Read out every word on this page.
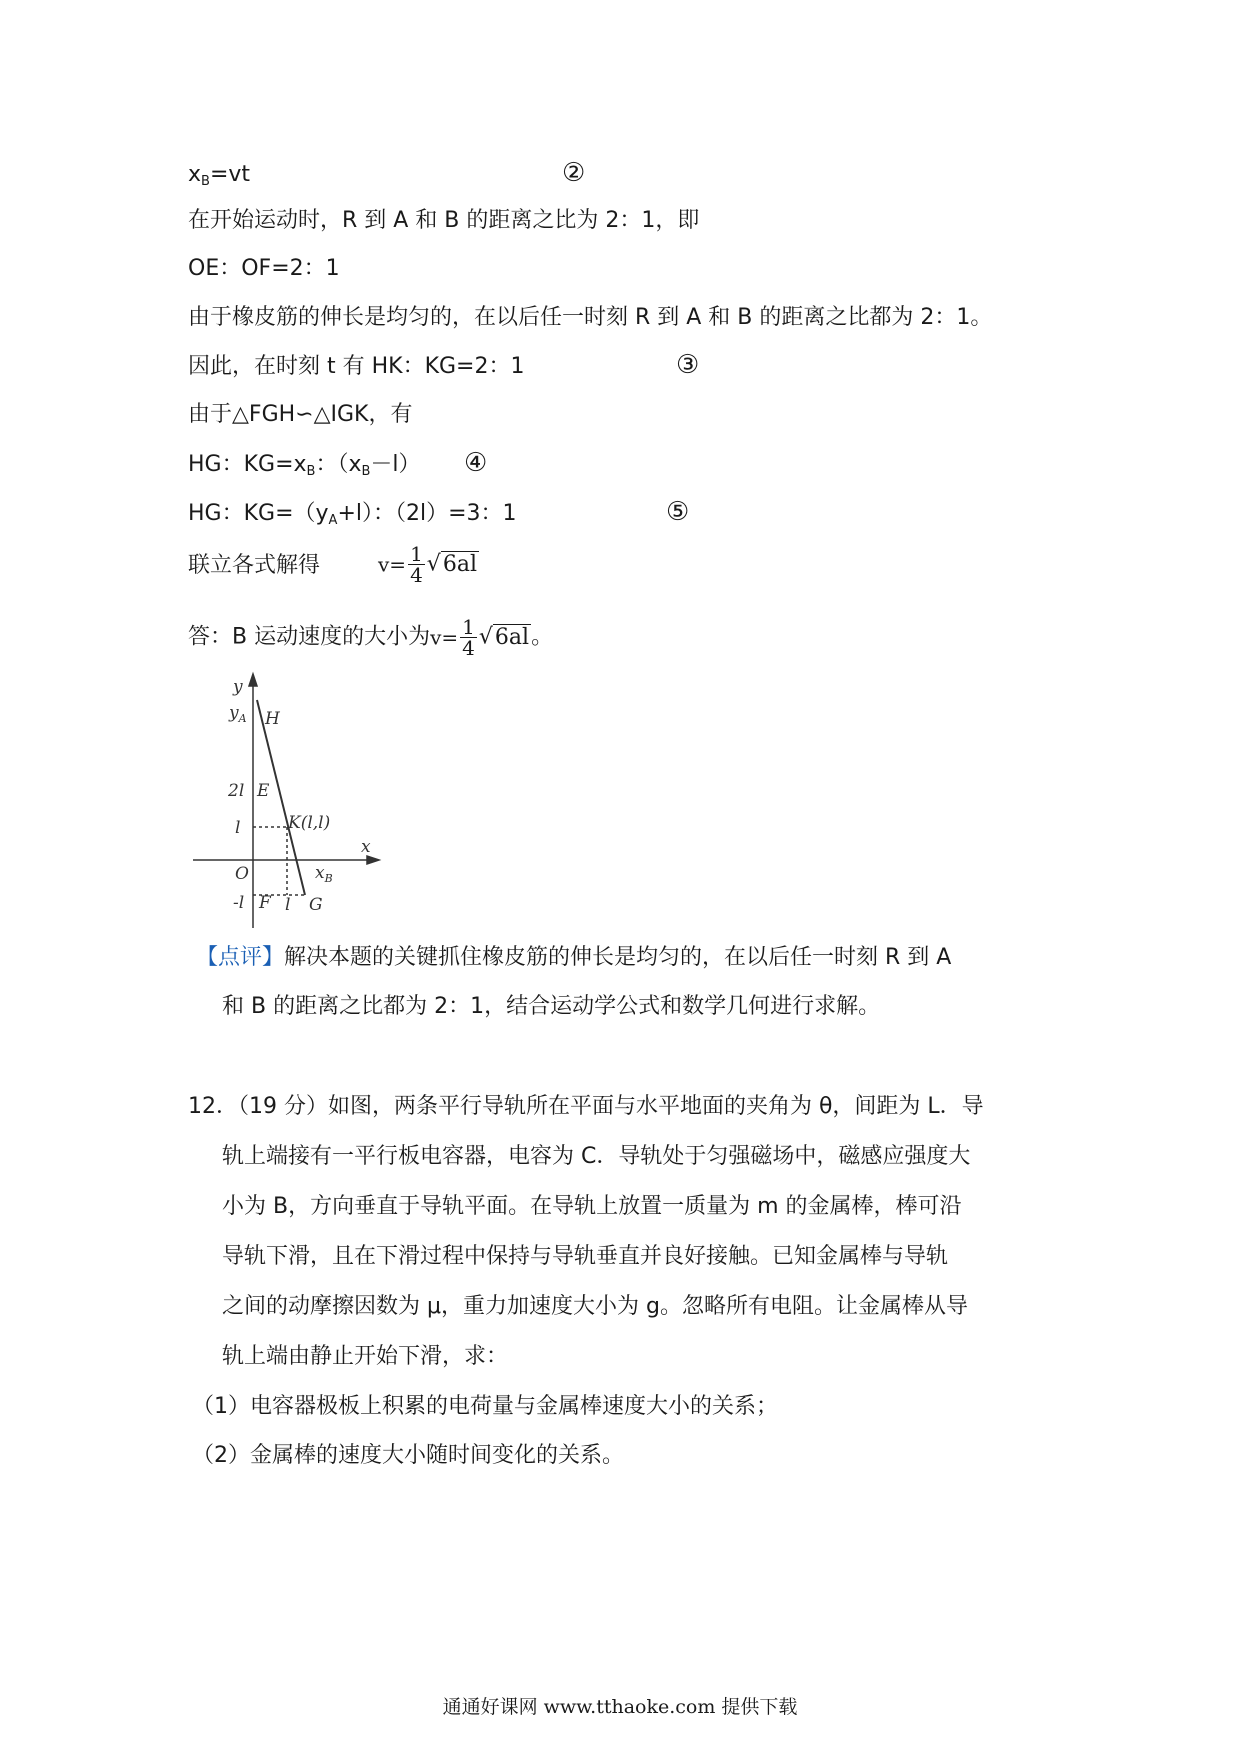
$x_B=vt$	②
在开始运动时，R 到 A 和 B 的距离之比为 2：1，即
OE：OF=2：1
由于橡皮筋的伸长是均匀的，在以后任一时刻 R 到 A 和 B 的距离之比都为 2：1。
因此，在时刻 t 有 HK：KG=2：1	③
由于△FGH∽△IGK，有
HG：$KG=x_B$：$(x_B-l)$ ④
HG：$KG=(y_A+l)$：（2l）=3：1	⑤
联立各式解得	$v= \frac{1}{4} √6al$
答：B 运动速度的大小为$v= \frac{1}{4} √6al$。
y
$y_A$ H
2l E
l	K(l,l)
x
O	$x_B$
-l F l G
【点评】解决本题的关键抓住橡皮筋的伸长是均匀的，在以后任一时刻 R 到 A
和 B 的距离之比都为 2：1，结合运动学公式和数学几何进行求解。
12．（19 分）如图，两条平行导轨所在平面与水平地面的夹角为 θ，间距为 L．导
轨上端接有一平行板电容器，电容为 C．导轨处于匀强磁场中，磁感应强度大
小为 B，方向垂直于导轨平面。在导轨上放置一质量为 m 的金属棒，棒可沿
导轨下滑，且在下滑过程中保持与导轨垂直并良好接触。已知金属棒与导轨
之间的动摩擦因数为 μ，重力加速度大小为 g。忽略所有电阻。让金属棒从导
轨上端由静止开始下滑，求：
（1）电容器极板上积累的电荷量与金属棒速度大小的关系；
（2）金属棒的速度大小随时间变化的关系。
通通好课网 www.tthaoke.com 提供下载
